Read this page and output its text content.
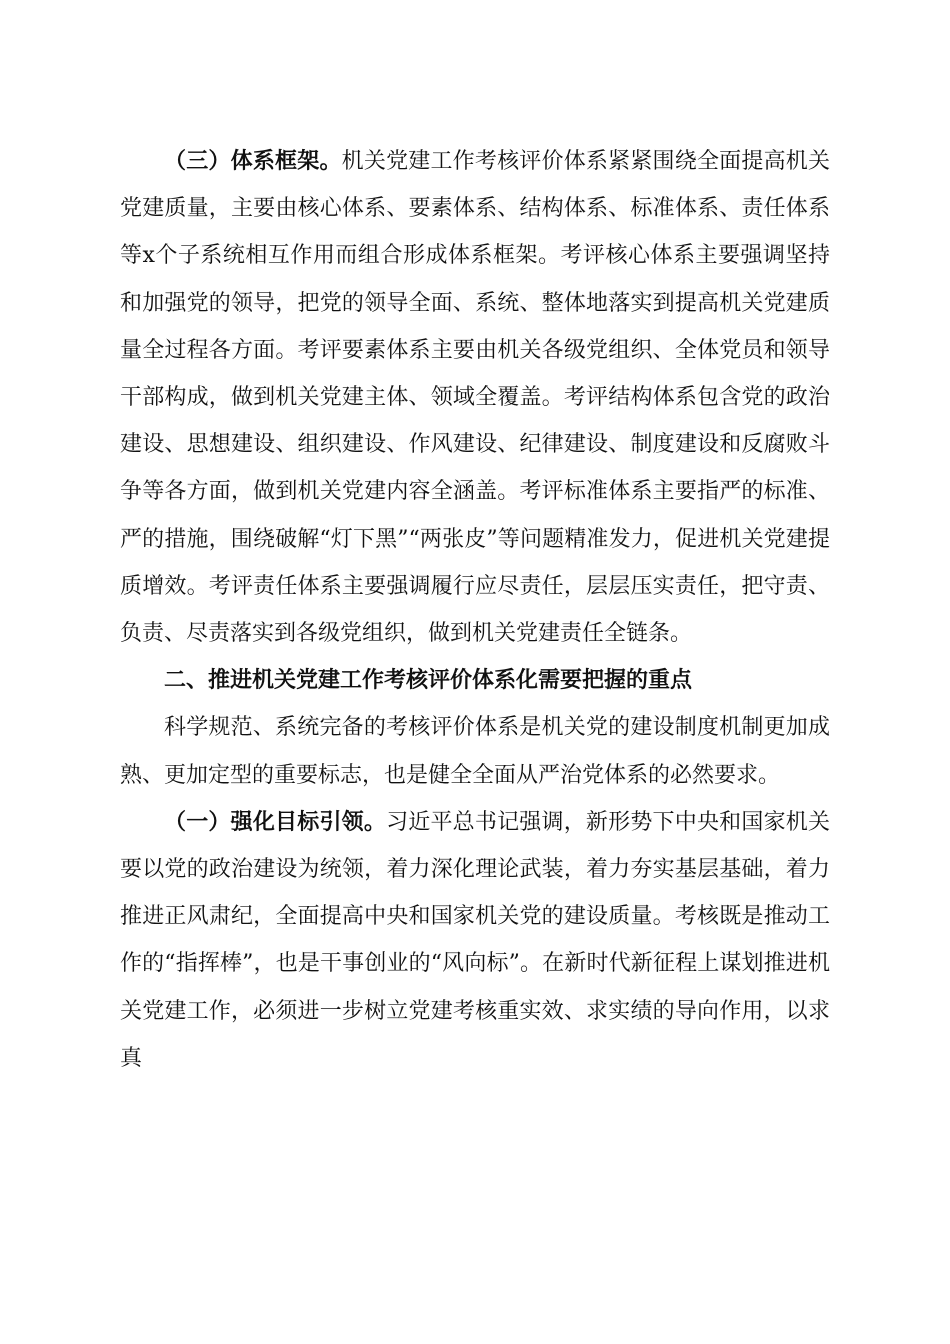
（三）体系框架。机关党建工作考核评价体系紧紧围绕全面提高机关党建质量，主要由核心体系、要素体系、结构体系、标准体系、责任体系等x个子系统相互作用而组合形成体系框架。考评核心体系主要强调坚持和加强党的领导，把党的领导全面、系统、整体地落实到提高机关党建质量全过程各方面。考评要素体系主要由机关各级党组织、全体党员和领导干部构成，做到机关党建主体、领域全覆盖。考评结构体系包含党的政治建设、思想建设、组织建设、作风建设、纪律建设、制度建设和反腐败斗争等各方面，做到机关党建内容全涵盖。考评标准体系主要指严的标准、严的措施，围绕破解“灯下黑”“两张皮”等问题精准发力，促进机关党建提质增效。考评责任体系主要强调履行应尽责任，层层压实责任，把守责、负责、尽责落实到各级党组织，做到机关党建责任全链条。

二、推进机关党建工作考核评价体系化需要把握的重点

科学规范、系统完备的考核评价体系是机关党的建设制度机制更加成熟、更加定型的重要标志，也是健全全面从严治党体系的必然要求。

（一）强化目标引领。习近平总书记强调，新形势下中央和国家机关要以党的政治建设为统领，着力深化理论武装，着力夯实基层基础，着力推进正风肃纪，全面提高中央和国家机关党的建设质量。考核既是推动工作的“指挥棒”，也是干事创业的“风向标”。在新时代新征程上谋划推进机关党建工作，必须进一步树立党建考核重实效、求实绩的导向作用，以求真
